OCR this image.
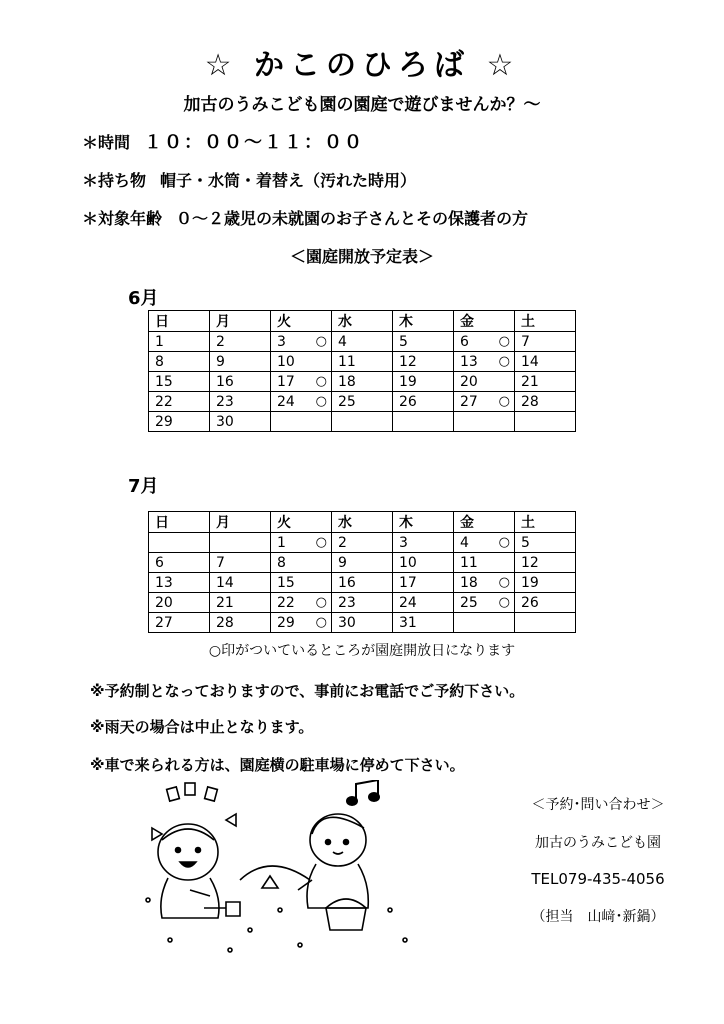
☆ かこのひろば ☆
加古のうみこども園の園庭で遊びませんか？～
＊時間 １０：００～１１：００
＊持ち物 帽子・水筒・着替え（汚れた時用）
＊対象年齢 ０～２歳児の未就園のお子さんとその保護者の方
＜園庭開放予定表＞
6月
日	月	火	水	木	金	土

1	2	3 ○	4	5	6 ○	7

8	9	10	11	12	13 ○	14

15	16	17 ○	18	19	20	21

22	23	24 ○	25	26	27 ○	28

29	30					

7月
日	月	火	水	木	金	土

		1 ○	2	3	4 ○	5

6	7	8	9	10	11	12

13	14	15	16	17	18 ○	19

20	21	22 ○	23	24	25 ○	26

27	28	29 ○	30	31		

○印がついているところが園庭開放日になります
※予約制となっておりますので、事前にお電話でご予約下さい。
※雨天の場合は中止となります。
※車で来られる方は、園庭横の駐車場に停めて下さい。
＜予約･問い合わせ＞
加古のうみこども園
TEL079-435-4056
（担当　山﨑･新鍋）
